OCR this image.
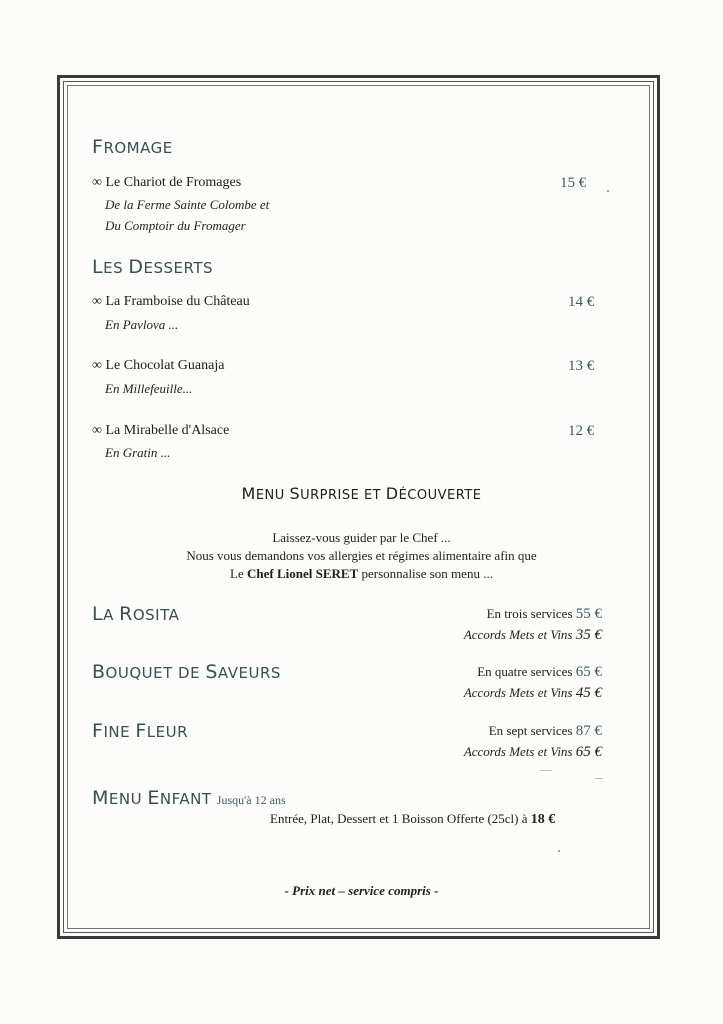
FROMAGE
∞ Le Chariot de Fromages	15 €
De la Ferme Sainte Colombe et
Du Comptoir du Fromager
LES DESSERTS
∞ La Framboise du Château	14 €
En Pavlova ...
∞ Le Chocolat Guanaja	13 €
En Millefeuille...
∞ La Mirabelle d'Alsace	12 €
En Gratin ...
MENU SURPRISE ET DÉCOUVERTE
Laissez-vous guider par le Chef ...
Nous vous demandons vos allergies et régimes alimentaire afin que
Le Chef Lionel SERET personnalise son menu ...
LA ROSITA	En trois services 55 €
Accords Mets et Vins 35 €
BOUQUET DE SAVEURS	En quatre services 65 €
Accords Mets et Vins 45 €
FINE FLEUR	En sept services 87 €
Accords Mets et Vins 65 €
MENU ENFANT Jusqu'à 12 ans
Entrée, Plat, Dessert et 1 Boisson Offerte (25cl) à 18 €
- Prix net – service compris -
